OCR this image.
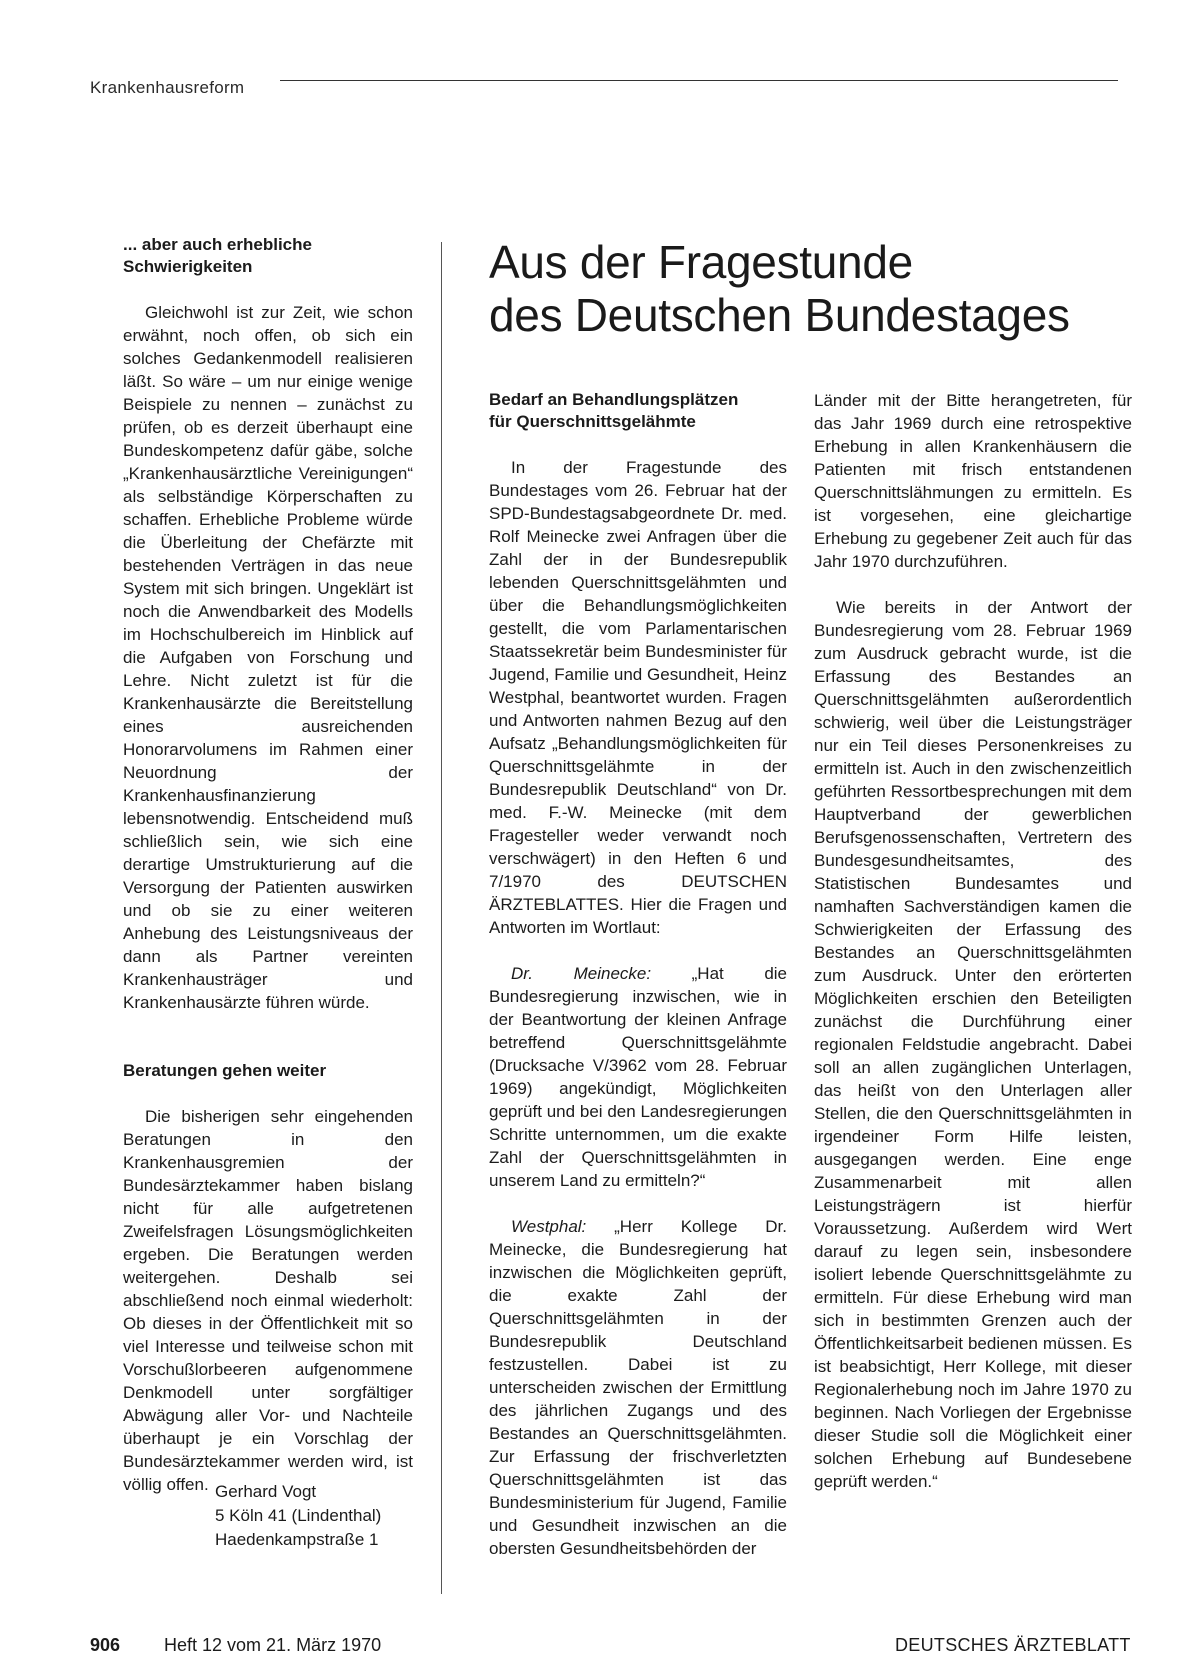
Krankenhausreform
... aber auch erhebliche
Schwierigkeiten

Gleichwohl ist zur Zeit, wie schon erwähnt, noch offen, ob sich ein solches Gedankenmodell realisieren läßt. So wäre – um nur einige wenige Beispiele zu nennen – zunächst zu prüfen, ob es derzeit überhaupt eine Bundeskompetenz dafür gäbe, solche „Krankenhausärztliche Vereinigungen“ als selbständige Körperschaften zu schaffen. Erhebliche Probleme würde die Überleitung der Chefärzte mit bestehenden Verträgen in das neue System mit sich bringen. Ungeklärt ist noch die Anwendbarkeit des Modells im Hochschulbereich im Hinblick auf die Aufgaben von Forschung und Lehre. Nicht zuletzt ist für die Krankenhausärzte die Bereitstellung eines ausreichenden Honorarvolumens im Rahmen einer Neuordnung der Krankenhausfinanzierung lebensnotwendig. Entscheidend muß schließlich sein, wie sich eine derartige Umstrukturierung auf die Versorgung der Patienten auswirken und ob sie zu einer weiteren Anhebung des Leistungsniveaus der dann als Partner vereinten Krankenhausträger und Krankenhausärzte führen würde.

Beratungen gehen weiter

Die bisherigen sehr eingehenden Beratungen in den Krankenhausgremien der Bundesärztekammer haben bislang nicht für alle aufgetretenen Zweifelsfragen Lösungsmöglichkeiten ergeben. Die Beratungen werden weitergehen. Deshalb sei abschließend noch einmal wiederholt: Ob dieses in der Öffentlichkeit mit so viel Interesse und teilweise schon mit Vorschußlorbeeren aufgenommene Denkmodell unter sorgfältiger Abwägung aller Vor- und Nachteile überhaupt je ein Vorschlag der Bundesärztekammer werden wird, ist völlig offen. Gerhard Vogt
5 Köln 41 (Lindenthal)
Haedenkampstraße 1
Aus der Fragestunde
des Deutschen Bundestages
Bedarf an Behandlungsplätzen
für Querschnittsgelähmte

In der Fragestunde des Bundestages vom 26. Februar hat der SPD-Bundestagsabgeordnete Dr. med. Rolf Meinecke zwei Anfragen über die Zahl der in der Bundesrepublik lebenden Querschnittsgelähmten und über die Behandlungsmöglichkeiten gestellt, die vom Parlamentarischen Staatssekretär beim Bundesminister für Jugend, Familie und Gesundheit, Heinz Westphal, beantwortet wurden. Fragen und Antworten nahmen Bezug auf den Aufsatz „Behandlungsmöglichkeiten für Querschnittsgelähmte in der Bundesrepublik Deutschland“ von Dr. med. F.-W. Meinecke (mit dem Fragesteller weder verwandt noch verschwägert) in den Heften 6 und 7/1970 des DEUTSCHEN ÄRZTEBLATTES. Hier die Fragen und Antworten im Wortlaut:

Dr. Meinecke: „Hat die Bundesregierung inzwischen, wie in der Beantwortung der kleinen Anfrage betreffend Querschnittsgelähmte (Drucksache V/3962 vom 28. Februar 1969) angekündigt, Möglichkeiten geprüft und bei den Landesregierungen Schritte unternommen, um die exakte Zahl der Querschnittsgelähmten in unserem Land zu ermitteln?“

Westphal: „Herr Kollege Dr. Meinecke, die Bundesregierung hat inzwischen die Möglichkeiten geprüft, die exakte Zahl der Querschnittsgelähmten in der Bundesrepublik Deutschland festzustellen. Dabei ist zu unterscheiden zwischen der Ermittlung des jährlichen Zugangs und des Bestandes an Querschnittsgelähmten. Zur Erfassung der frischverletzten Querschnittsgelähmten ist das Bundesministerium für Jugend, Familie und Gesundheit inzwischen an die obersten Gesundheitsbehörden der

Länder mit der Bitte herangetreten, für das Jahr 1969 durch eine retrospektive Erhebung in allen Krankenhäusern die Patienten mit frisch entstandenen Querschnittslähmungen zu ermitteln. Es ist vorgesehen, eine gleichartige Erhebung zu gegebener Zeit auch für das Jahr 1970 durchzuführen.

Wie bereits in der Antwort der Bundesregierung vom 28. Februar 1969 zum Ausdruck gebracht wurde, ist die Erfassung des Bestandes an Querschnittsgelähmten außerordentlich schwierig, weil über die Leistungsträger nur ein Teil dieses Personenkreises zu ermitteln ist. Auch in den zwischenzeitlich geführten Ressortbesprechungen mit dem Hauptverband der gewerblichen Berufsgenossenschaften, Vertretern des Bundesgesundheitsamtes, des Statistischen Bundesamtes und namhaften Sachverständigen kamen die Schwierigkeiten der Erfassung des Bestandes an Querschnittsgelähmten zum Ausdruck. Unter den erörterten Möglichkeiten erschien den Beteiligten zunächst die Durchführung einer regionalen Feldstudie angebracht. Dabei soll an allen zugänglichen Unterlagen, das heißt von den Unterlagen aller Stellen, die den Querschnittsgelähmten in irgendeiner Form Hilfe leisten, ausgegangen werden. Eine enge Zusammenarbeit mit allen Leistungsträgern ist hierfür Voraussetzung. Außerdem wird Wert darauf zu legen sein, insbesondere isoliert lebende Querschnittsgelähmte zu ermitteln. Für diese Erhebung wird man sich in bestimmten Grenzen auch der Öffentlichkeitsarbeit bedienen müssen. Es ist beabsichtigt, Herr Kollege, mit dieser Regionalerhebung noch im Jahre 1970 zu beginnen. Nach Vorliegen der Ergebnisse dieser Studie soll die Möglichkeit einer solchen Erhebung auf Bundesebene geprüft werden.“

906 Heft 12 vom 21. März 1970	DEUTSCHES ÄRZTEBLATT
